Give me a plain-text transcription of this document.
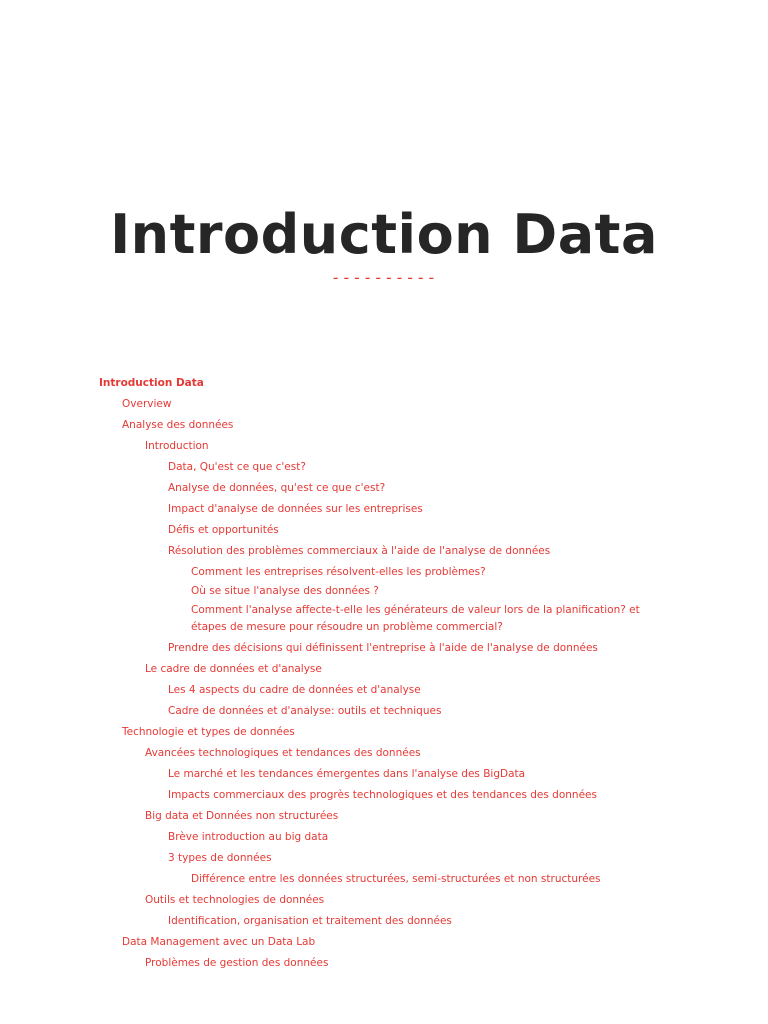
Introduction Data
----------
Introduction Data
Overview
Analyse des données
Introduction
Data, Qu'est ce que c'est?
Analyse de données, qu'est ce que c'est?
Impact d'analyse de données sur les entreprises
Défis et opportunités
Résolution des problèmes commerciaux à l'aide de l'analyse de données
Comment les entreprises résolvent-elles les problèmes?
Où se situe l'analyse des données ?
Comment l'analyse affecte-t-elle les générateurs de valeur lors de la planification? et étapes de mesure pour résoudre un problème commercial?
Prendre des décisions qui définissent l'entreprise à l'aide de l'analyse de données
Le cadre de données et d'analyse
Les 4 aspects du cadre de données et d'analyse
Cadre de données et d'analyse: outils et techniques
Technologie et types de données
Avancées technologiques et tendances des données
Le marché et les tendances émergentes dans l'analyse des BigData
Impacts commerciaux des progrès technologiques et des tendances des données
Big data et Données non structurées
Brève introduction au big data
3 types de données
Différence entre les données structurées, semi-structurées et non structurées
Outils et technologies de données
Identification, organisation et traitement des données
Data Management avec un Data Lab
Problèmes de gestion des données
